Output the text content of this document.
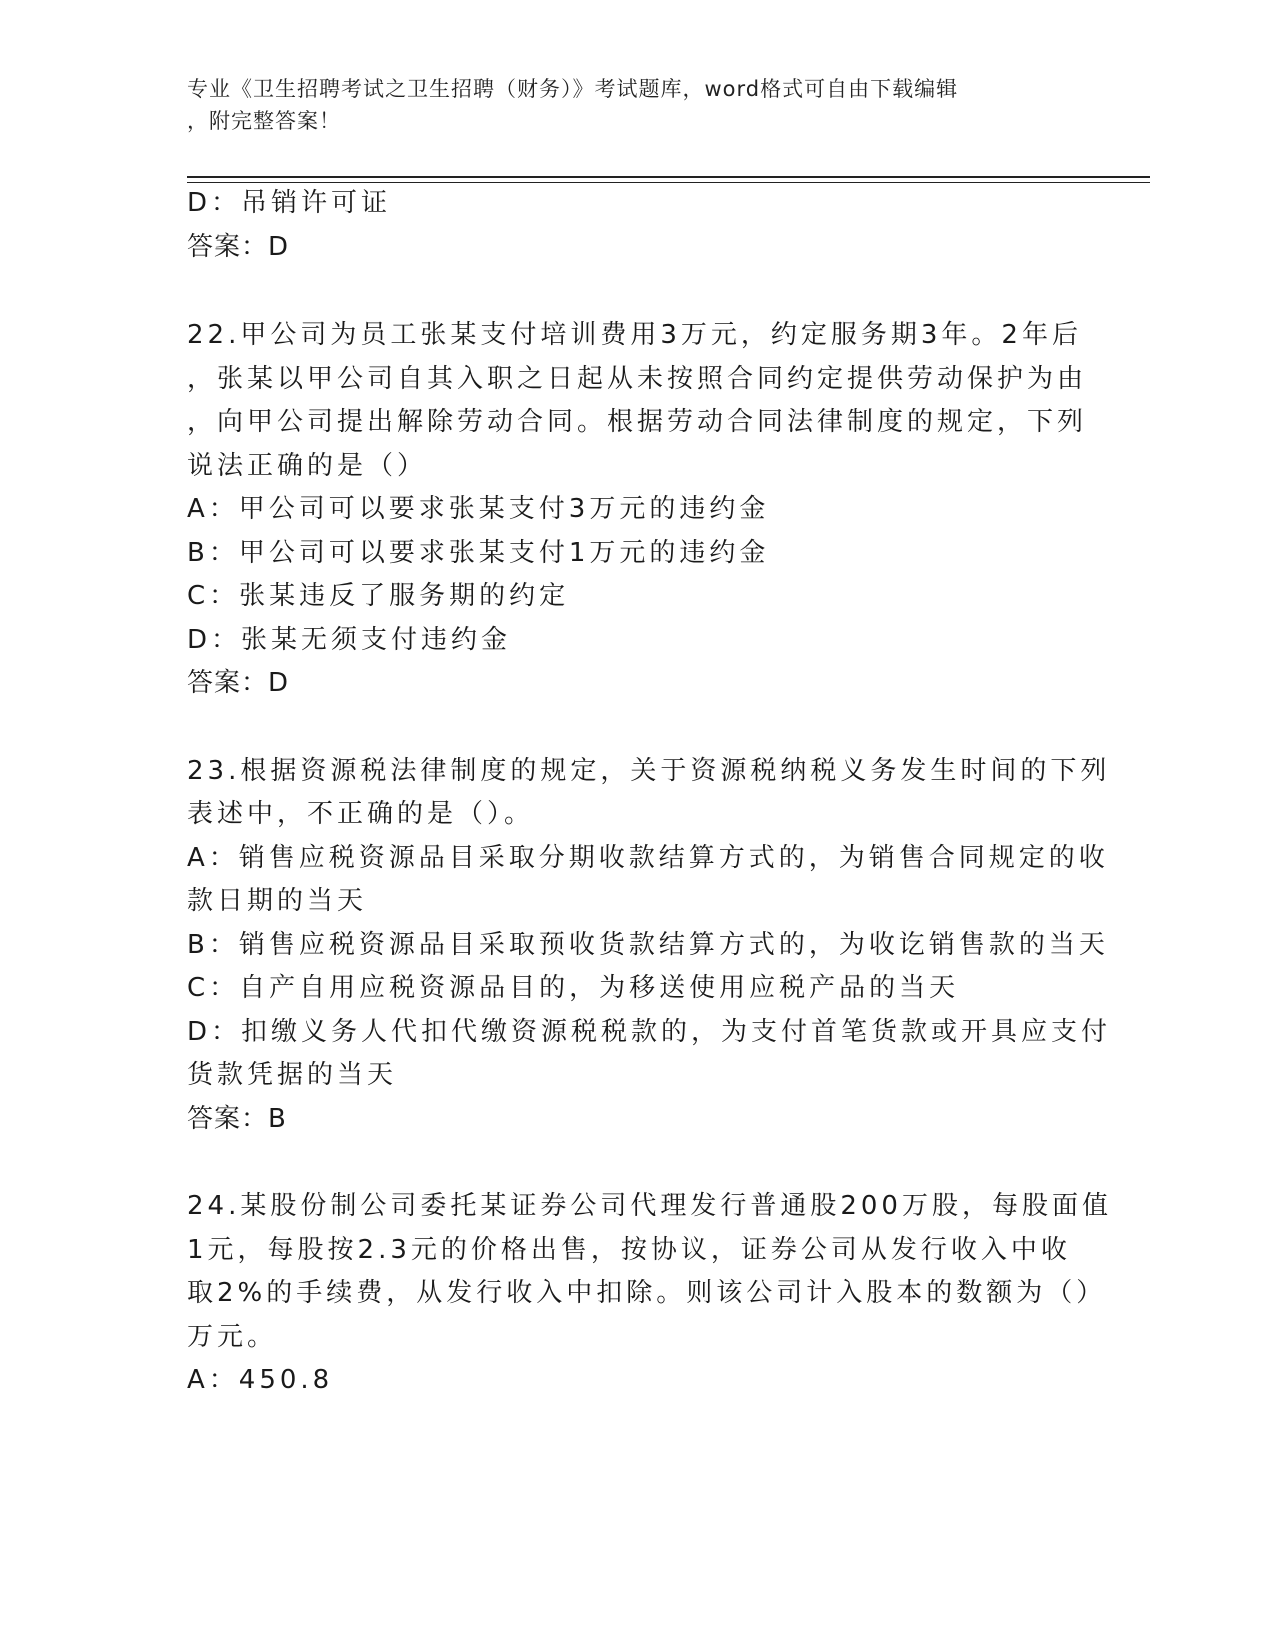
专业《卫生招聘考试之卫生招聘（财务）》考试题库，word格式可自由下载编辑
，附完整答案！
D：吊销许可证
答案：D
22.甲公司为员工张某支付培训费用3万元，约定服务期3年。2年后
，张某以甲公司自其入职之日起从未按照合同约定提供劳动保护为由
，向甲公司提出解除劳动合同。根据劳动合同法律制度的规定，下列
说法正确的是（）
A：甲公司可以要求张某支付3万元的违约金
B：甲公司可以要求张某支付1万元的违约金
C：张某违反了服务期的约定
D：张某无须支付违约金
答案：D
23.根据资源税法律制度的规定，关于资源税纳税义务发生时间的下列
表述中，不正确的是（）。
A：销售应税资源品目采取分期收款结算方式的，为销售合同规定的收
款日期的当天
B：销售应税资源品目采取预收货款结算方式的，为收讫销售款的当天
C：自产自用应税资源品目的，为移送使用应税产品的当天
D：扣缴义务人代扣代缴资源税税款的，为支付首笔货款或开具应支付
货款凭据的当天
答案：B
24.某股份制公司委托某证券公司代理发行普通股200万股，每股面值
1元，每股按2.3元的价格出售，按协议，证券公司从发行收入中收
取2%的手续费，从发行收入中扣除。则该公司计入股本的数额为（）
万元。
A：450.8
